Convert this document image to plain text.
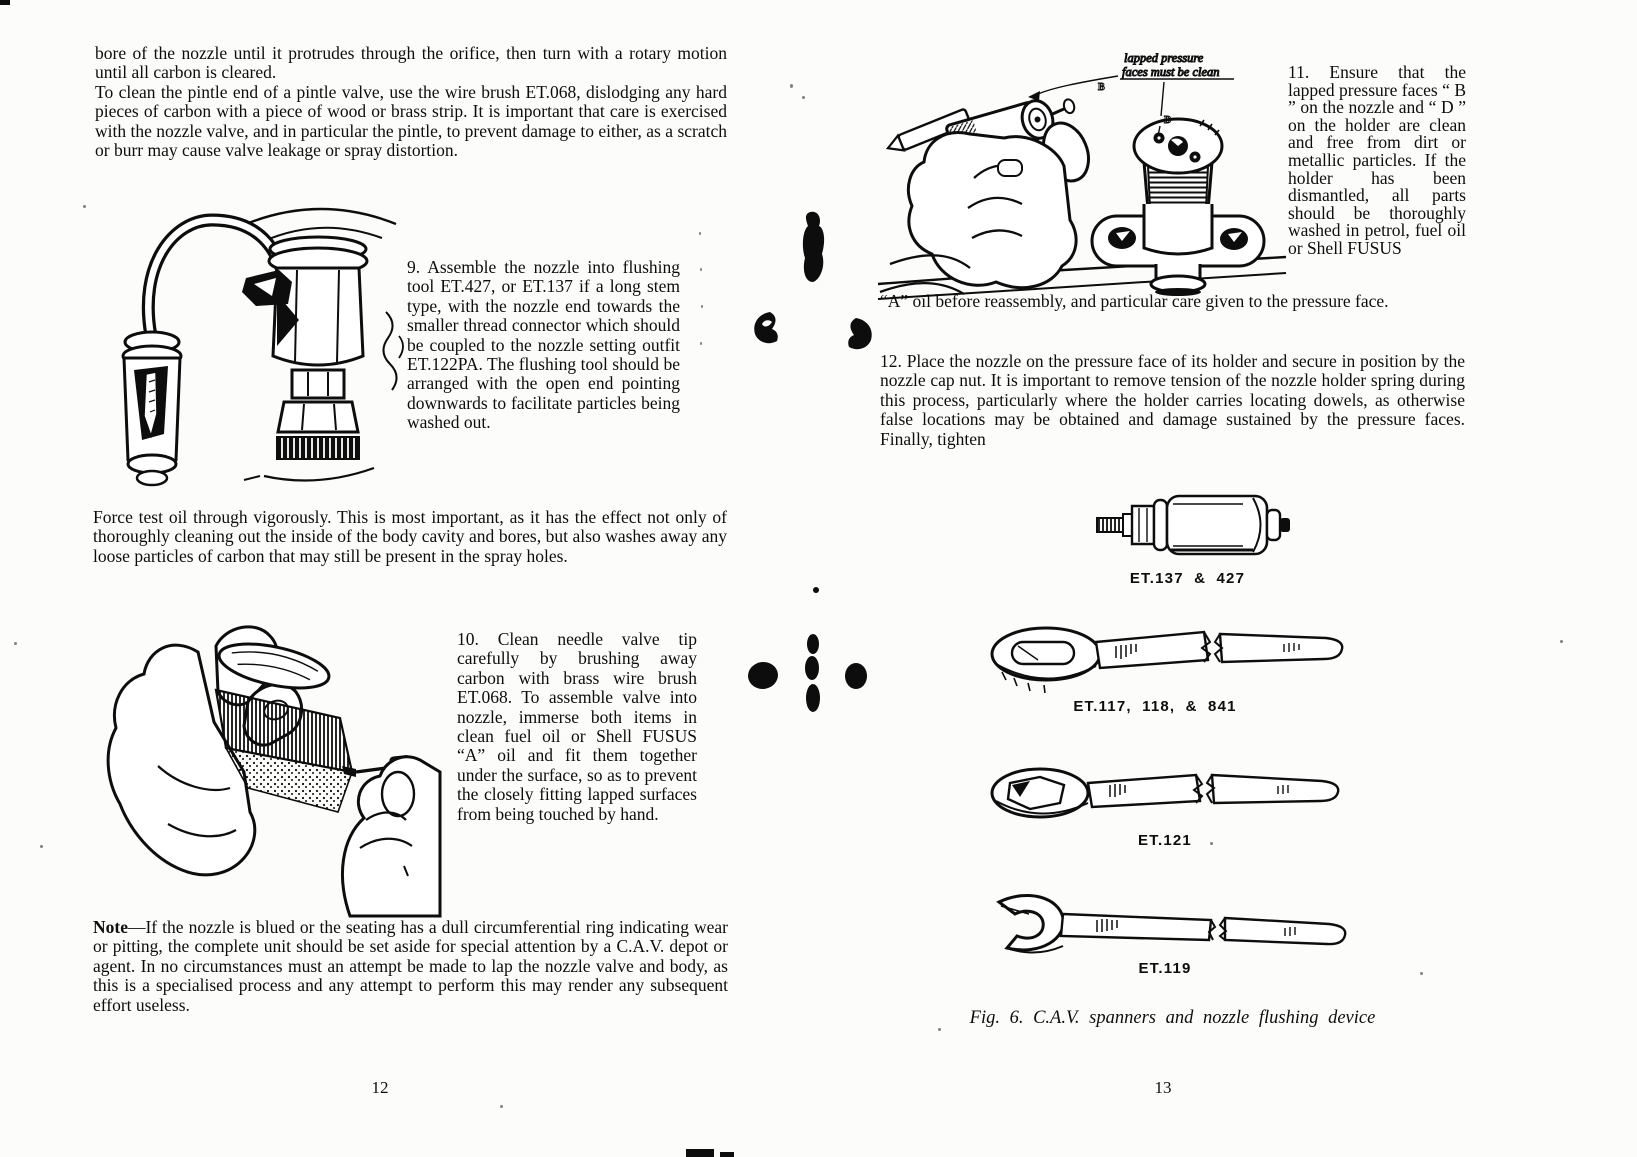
bore of the nozzle until it protrudes through the orifice, then turn with a rotary motion until all carbon is cleared.

To clean the pintle end of a pintle valve, use the wire brush ET.068, dislodging any hard pieces of carbon with a piece of wood or brass strip. It is important that care is exercised with the nozzle valve, and in particular the pintle, to prevent damage to either, as a scratch or burr may cause valve leakage or spray distortion.

9. Assemble the nozzle into flushing tool ET.427, or ET.137 if a long stem type, with the nozzle end towards the smaller thread connector which should be coupled to the nozzle setting outfit ET.122PA. The flushing tool should be arranged with the open end pointing downwards to facilitate particles being washed out.

Force test oil through vigorously. This is most important, as it has the effect not only of thoroughly cleaning out the inside of the body cavity and bores, but also washes away any loose particles of carbon that may still be present in the spray holes.

10. Clean needle valve tip carefully by brushing away carbon with brass wire brush ET.068. To assemble valve into nozzle, immerse both items in clean fuel oil or Shell FUSUS “A” oil and fit them together under the surface, so as to prevent the closely fitting lapped surfaces from being touched by hand.

Note—If the nozzle is blued or the seating has a dull circumferential ring indicating wear or pitting, the complete unit should be set aside for special attention by a C.A.V. depot or agent. In no circumstances must an attempt be made to lap the nozzle valve and body, as this is a specialised process and any attempt to perform this may render any subsequent effort useless.

12
lapped pressure
faces must be clean
B
D

11. Ensure that the lapped pressure faces “ B ” on the nozzle and “ D ” on the holder are clean and free from dirt or metallic particles. If the holder has been dismantled, all parts should be thoroughly washed in petrol, fuel oil or Shell FUSUS

“A” oil before reassembly, and particular care given to the pressure face.

12. Place the nozzle on the pressure face of its holder and secure in position by the nozzle cap nut. It is important to remove tension of the nozzle holder spring during this process, particularly where the holder carries locating dowels, as otherwise false locations may be obtained and damage sustained by the pressure faces. Finally, tighten

ET.137 & 427
ET.117, 118, & 841
ET.121
ET.119
Fig. 6. C.A.V. spanners and nozzle flushing device
13
